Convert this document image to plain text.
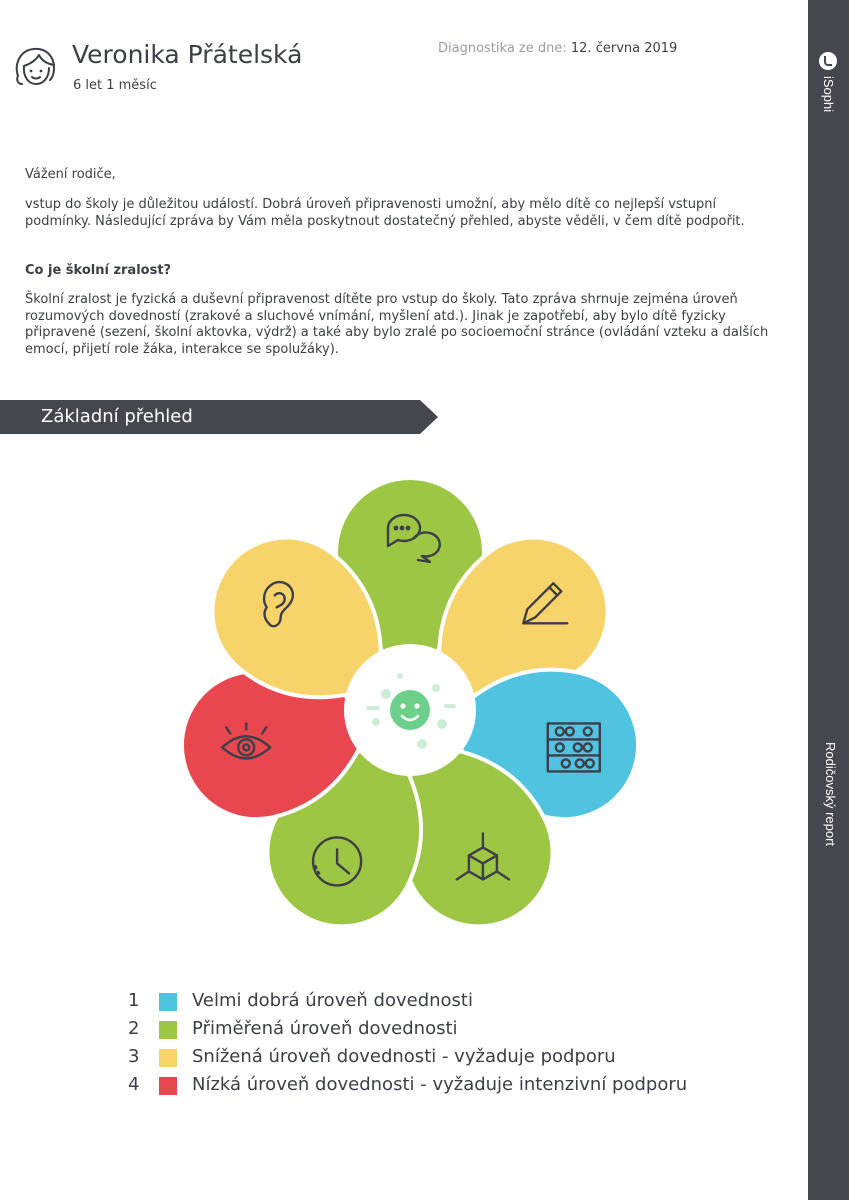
iSophi
Rodičovský report
Veronika Přátelská
6 let 1 měsíc
Diagnostika ze dne: 12. června 2019

Vážení rodiče,

vstup do školy je důležitou událostí. Dobrá úroveň připravenosti umožní, aby mělo dítě co nejlepší vstupní podmínky. Následující zpráva by Vám měla poskytnout dostatečný přehled, abyste věděli, v čem dítě podpořit.

Co je školní zralost?

Školní zralost je fyzická a duševní připravenost dítěte pro vstup do školy. Tato zpráva shrnuje zejména úroveň rozumových dovedností (zrakové a sluchové vnímání, myšlení atd.). Jinak je zapotřebí, aby bylo dítě fyzicky připravené (sezení, školní aktovka, výdrž) a také aby bylo zralé po socioemoční stránce (ovládání vzteku a dalších emocí, přijetí role žáka, interakce se spolužáky).

Základní přehled
1	Velmi dobrá úroveň dovednosti
2	Přiměřená úroveň dovednosti
3	Snížená úroveň dovednosti - vyžaduje podporu
4	Nízká úroveň dovednosti - vyžaduje intenzivní podporu
